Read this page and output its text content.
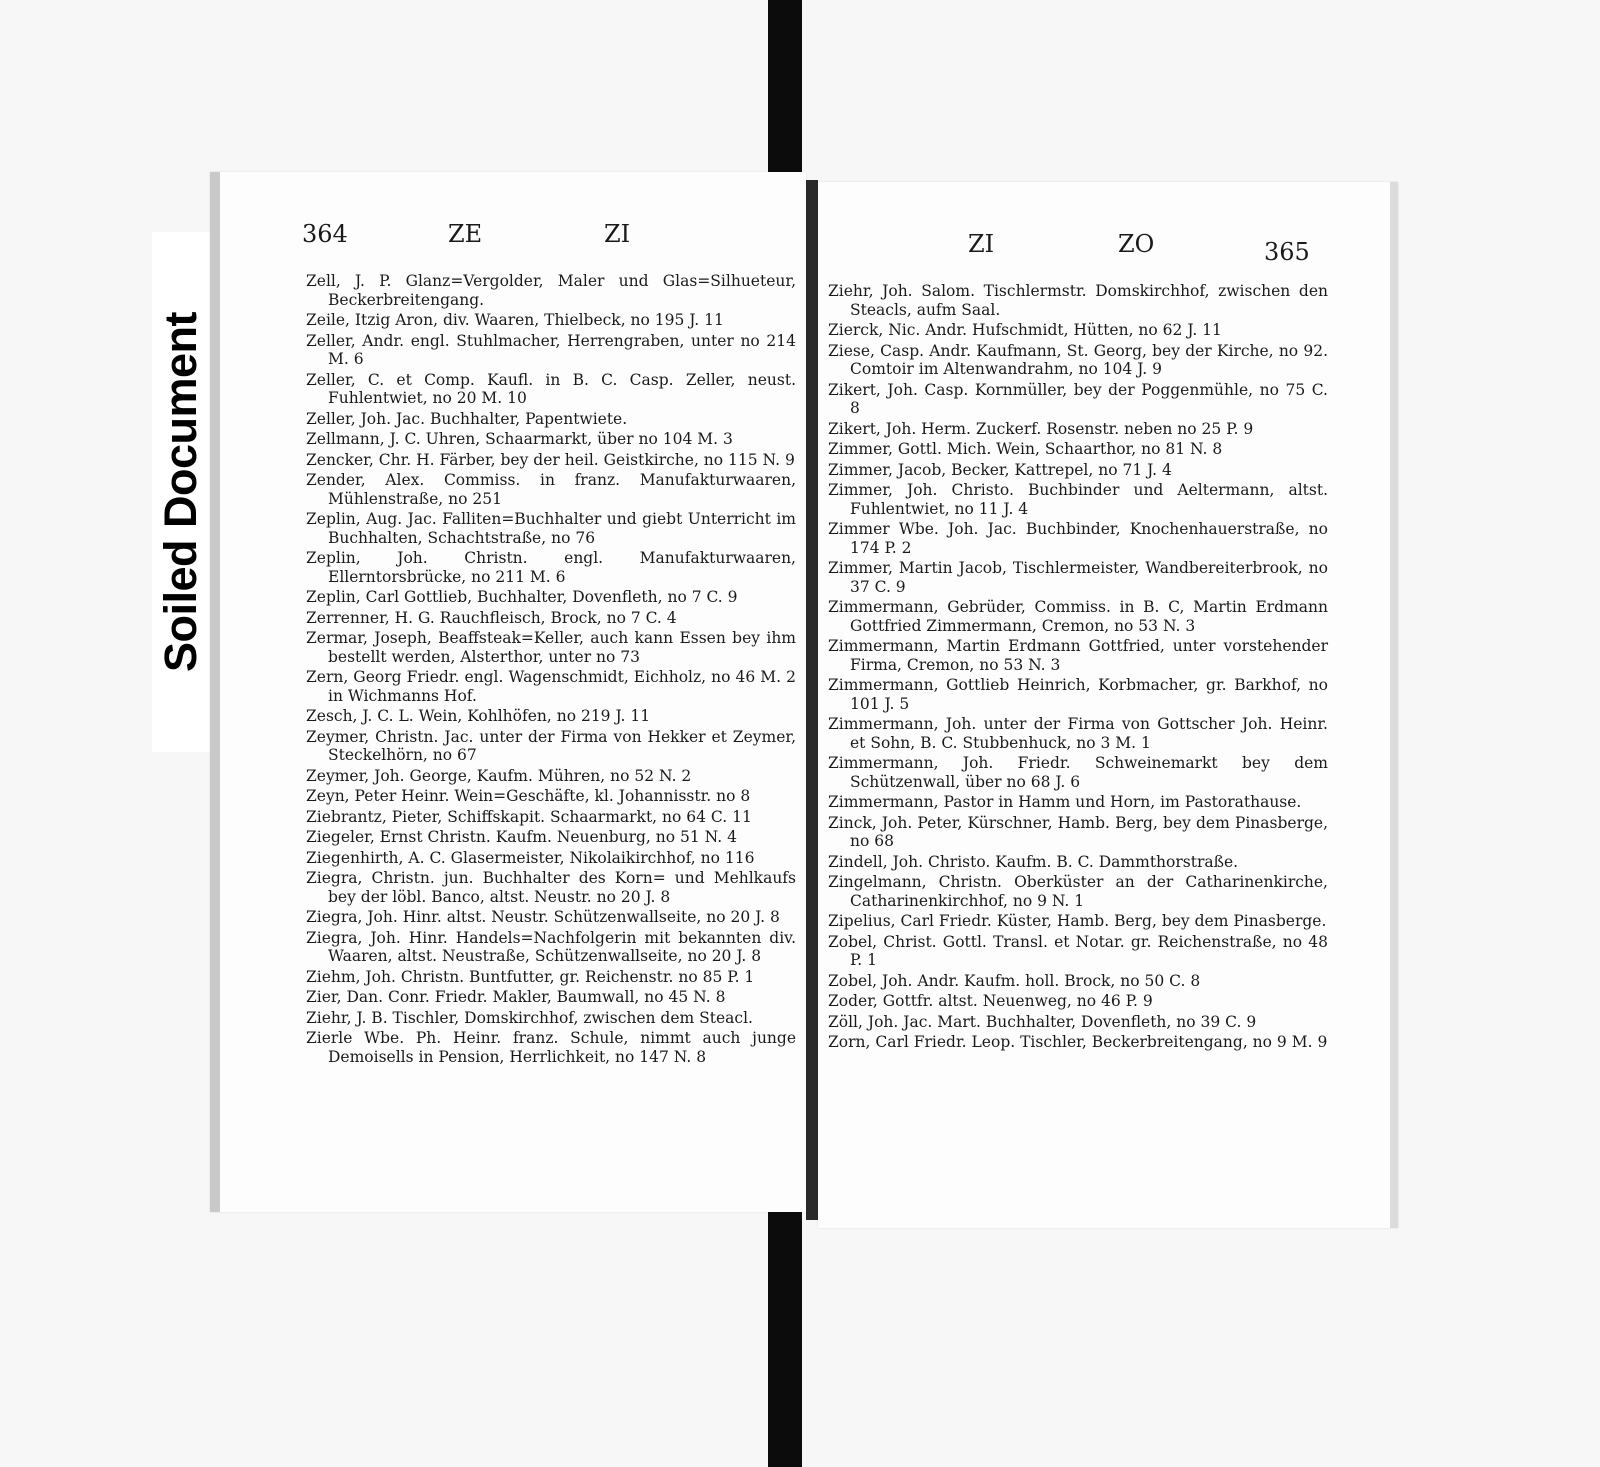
Soiled Document
364	ZE	ZI
Zell, J. P. Glanz=Vergolder, Maler und Glas=Silhueteur, Beckerbreitengang.
Zeile, Itzig Aron, div. Waaren, Thielbeck, no 195 J. 11
Zeller, Andr. engl. Stuhlmacher, Herrengraben, unter no 214 M. 6
Zeller, C. et Comp. Kaufl. in B. C. Casp. Zeller, neust. Fuhlentwiet, no 20 M. 10
Zeller, Joh. Jac. Buchhalter, Papentwiete.
Zellmann, J. C. Uhren, Schaarmarkt, über no 104 M. 3
Zencker, Chr. H. Färber, bey der heil. Geistkirche, no 115 N. 9
Zender, Alex. Commiss. in franz. Manufakturwaaren, Mühlenstraße, no 251
Zeplin, Aug. Jac. Falliten=Buchhalter und giebt Unterricht im Buchhalten, Schachtstraße, no 76
Zeplin, Joh. Christn. engl. Manufakturwaaren, Ellerntorsbrücke, no 211 M. 6
Zeplin, Carl Gottlieb, Buchhalter, Dovenfleth, no 7 C. 9
Zerrenner, H. G. Rauchfleisch, Brock, no 7 C. 4
Zermar, Joseph, Beaffsteak=Keller, auch kann Essen bey ihm bestellt werden, Alsterthor, unter no 73
Zern, Georg Friedr. engl. Wagenschmidt, Eichholz, no 46 M. 2 in Wichmanns Hof.
Zesch, J. C. L. Wein, Kohlhöfen, no 219 J. 11
Zeymer, Christn. Jac. unter der Firma von Hekker et Zeymer, Steckelhörn, no 67
Zeymer, Joh. George, Kaufm. Mühren, no 52 N. 2
Zeyn, Peter Heinr. Wein=Geschäfte, kl. Johannisstr. no 8
Ziebrantz, Pieter, Schiffskapit. Schaarmarkt, no 64 C. 11
Ziegeler, Ernst Christn. Kaufm. Neuenburg, no 51 N. 4
Ziegenhirth, A. C. Glasermeister, Nikolaikirchhof, no 116
Ziegra, Christn. jun. Buchhalter des Korn= und Mehlkaufs bey der löbl. Banco, altst. Neustr. no 20 J. 8
Ziegra, Joh. Hinr. altst. Neustr. Schützenwallseite, no 20 J. 8
Ziegra, Joh. Hinr. Handels=Nachfolgerin mit bekannten div. Waaren, altst. Neustraße, Schützenwallseite, no 20 J. 8
Ziehm, Joh. Christn. Buntfutter, gr. Reichenstr. no 85 P. 1
Zier, Dan. Conr. Friedr. Makler, Baumwall, no 45 N. 8
Ziehr, J. B. Tischler, Domskirchhof, zwischen dem Steacl.
Zierle Wbe. Ph. Heinr. franz. Schule, nimmt auch junge Demoisells in Pension, Herrlichkeit, no 147 N. 8
ZI	ZO	365
Ziehr, Joh. Salom. Tischlermstr. Domskirchhof, zwischen den Steacls, aufm Saal.
Zierck, Nic. Andr. Hufschmidt, Hütten, no 62 J. 11
Ziese, Casp. Andr. Kaufmann, St. Georg, bey der Kirche, no 92. Comtoir im Altenwandrahm, no 104 J. 9
Zikert, Joh. Casp. Kornmüller, bey der Poggenmühle, no 75 C. 8
Zikert, Joh. Herm. Zuckerf. Rosenstr. neben no 25 P. 9
Zimmer, Gottl. Mich. Wein, Schaarthor, no 81 N. 8
Zimmer, Jacob, Becker, Kattrepel, no 71 J. 4
Zimmer, Joh. Christo. Buchbinder und Aeltermann, altst. Fuhlentwiet, no 11 J. 4
Zimmer Wbe. Joh. Jac. Buchbinder, Knochenhauerstraße, no 174 P. 2
Zimmer, Martin Jacob, Tischlermeister, Wandbereiterbrook, no 37 C. 9
Zimmermann, Gebrüder, Commiss. in B. C, Martin Erdmann Gottfried Zimmermann, Cremon, no 53 N. 3
Zimmermann, Martin Erdmann Gottfried, unter vorstehender Firma, Cremon, no 53 N. 3
Zimmermann, Gottlieb Heinrich, Korbmacher, gr. Barkhof, no 101 J. 5
Zimmermann, Joh. unter der Firma von Gottscher Joh. Heinr. et Sohn, B. C. Stubbenhuck, no 3 M. 1
Zimmermann, Joh. Friedr. Schweinemarkt bey dem Schützenwall, über no 68 J. 6
Zimmermann, Pastor in Hamm und Horn, im Pastorathause.
Zinck, Joh. Peter, Kürschner, Hamb. Berg, bey dem Pinasberge, no 68
Zindell, Joh. Christo. Kaufm. B. C. Dammthorstraße.
Zingelmann, Christn. Oberküster an der Catharinenkirche, Catharinenkirchhof, no 9 N. 1
Zipelius, Carl Friedr. Küster, Hamb. Berg, bey dem Pinasberge.
Zobel, Christ. Gottl. Transl. et Notar. gr. Reichenstraße, no 48 P. 1
Zobel, Joh. Andr. Kaufm. holl. Brock, no 50 C. 8
Zoder, Gottfr. altst. Neuenweg, no 46 P. 9
Zöll, Joh. Jac. Mart. Buchhalter, Dovenfleth, no 39 C. 9
Zorn, Carl Friedr. Leop. Tischler, Beckerbreitengang, no 9 M. 9
